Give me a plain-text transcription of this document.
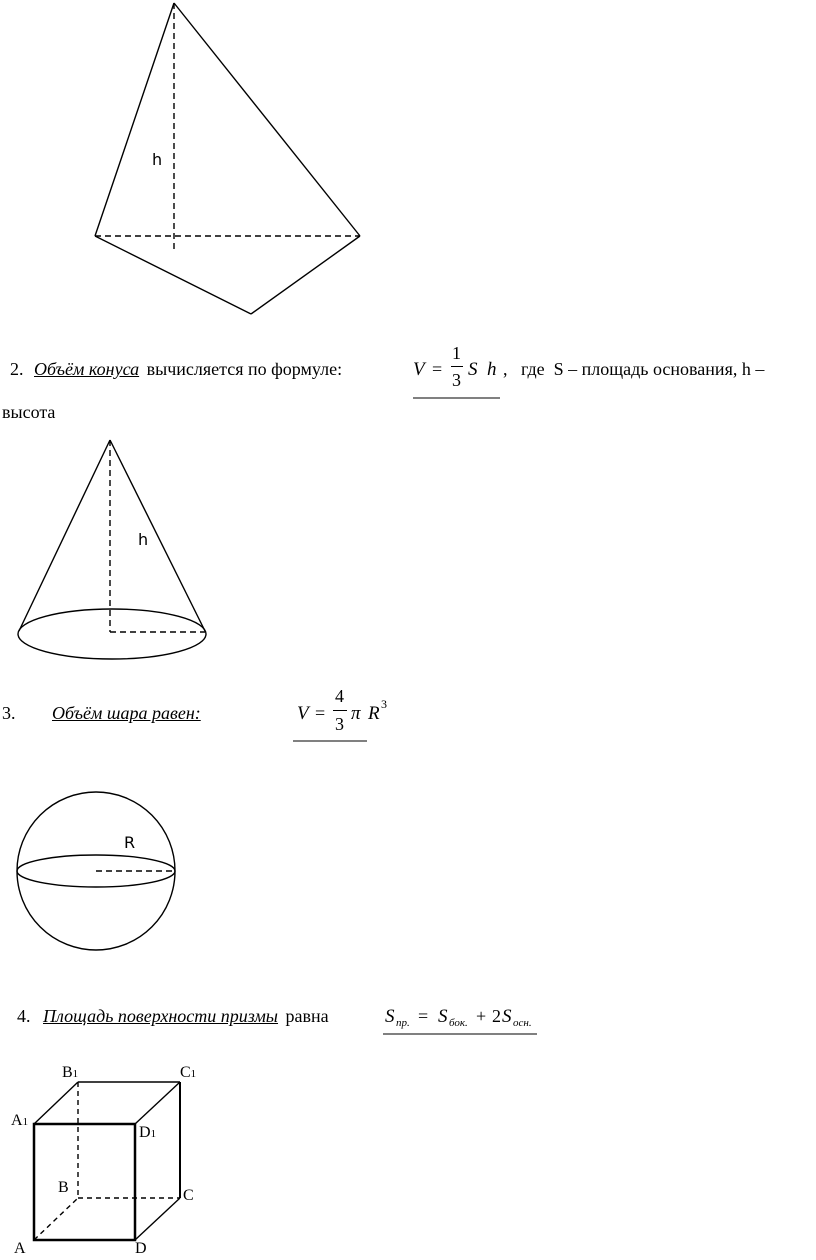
h
2. Объём конуса вычисляется по формуле:	V =
1
3 S  h ,   где  S – площадь основания, h –
высота
h
3. Объём шара равен:	V =
4
3 π R 3
R
4. Площадь поверхности призмы равна	S пр. = S бок. + 2 S осн.
B1	C1
A1
D1
B	C
A	D
